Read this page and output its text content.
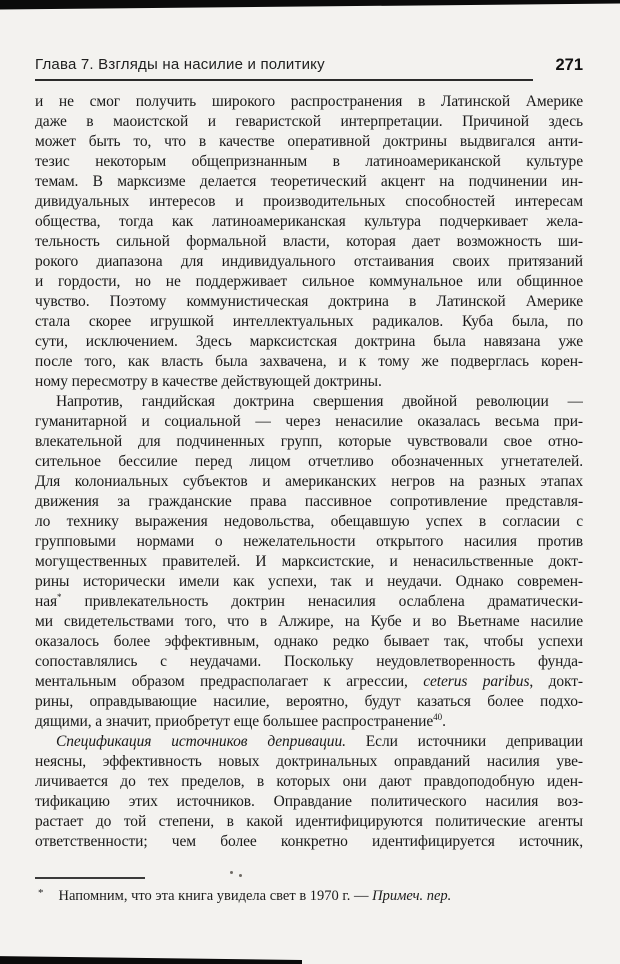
Глава 7. Взгляды на насилие и политику	271
и не смог получить широкого распространения в Латинской Америке
даже в маоистской и геваристской интерпретации. Причиной здесь
может быть то, что в качестве оперативной доктрины выдвигался анти-
тезис некоторым общепризнанным в латиноамериканской культуре
темам. В марксизме делается теоретический акцент на подчинении ин-
дивидуальных интересов и производительных способностей интересам
общества, тогда как латиноамериканская культура подчеркивает жела-
тельность сильной формальной власти, которая дает возможность ши-
рокого диапазона для индивидуального отстаивания своих притязаний
и гордости, но не поддерживает сильное коммунальное или общинное
чувство. Поэтому коммунистическая доктрина в Латинской Америке
стала скорее игрушкой интеллектуальных радикалов. Куба была, по
сути, исключением. Здесь марксистская доктрина была навязана уже
после того, как власть была захвачена, и к тому же подверглась корен-
ному пересмотру в качестве действующей доктрины.
Напротив, гандийская доктрина свершения двойной революции —
гуманитарной и социальной — через ненасилие оказалась весьма при-
влекательной для подчиненных групп, которые чувствовали свое отно-
сительное бессилие перед лицом отчетливо обозначенных угнетателей.
Для колониальных субъектов и американских негров на разных этапах
движения за гражданские права пассивное сопротивление представля-
ло технику выражения недовольства, обещавшую успех в согласии с
групповыми нормами о нежелательности открытого насилия против
могущественных правителей. И марксистские, и ненасильственные докт-
рины исторически имели как успехи, так и неудачи. Однако современ-
ная* привлекательность доктрин ненасилия ослаблена драматически-
ми свидетельствами того, что в Алжире, на Кубе и во Вьетнаме насилие
оказалось более эффективным, однако редко бывает так, чтобы успехи
сопоставлялись с неудачами. Поскольку неудовлетворенность фунда-
ментальным образом предрасполагает к агрессии, ceterus paribus, докт-
рины, оправдывающие насилие, вероятно, будут казаться более подхо-
дящими, а значит, приобретут еще большее распространение$^{40}$.
Спецификация источников депривации. Если источники депривации
неясны, эффективность новых доктринальных оправданий насилия уве-
личивается до тех пределов, в которых они дают правдоподобную иден-
тификацию этих источников. Оправдание политического насилия воз-
растает до той степени, в какой идентифицируются политические агенты
ответственности; чем более конкретно идентифицируется источник,
* Напомним, что эта книга увидела свет в 1970 г. — Примеч. пер.
